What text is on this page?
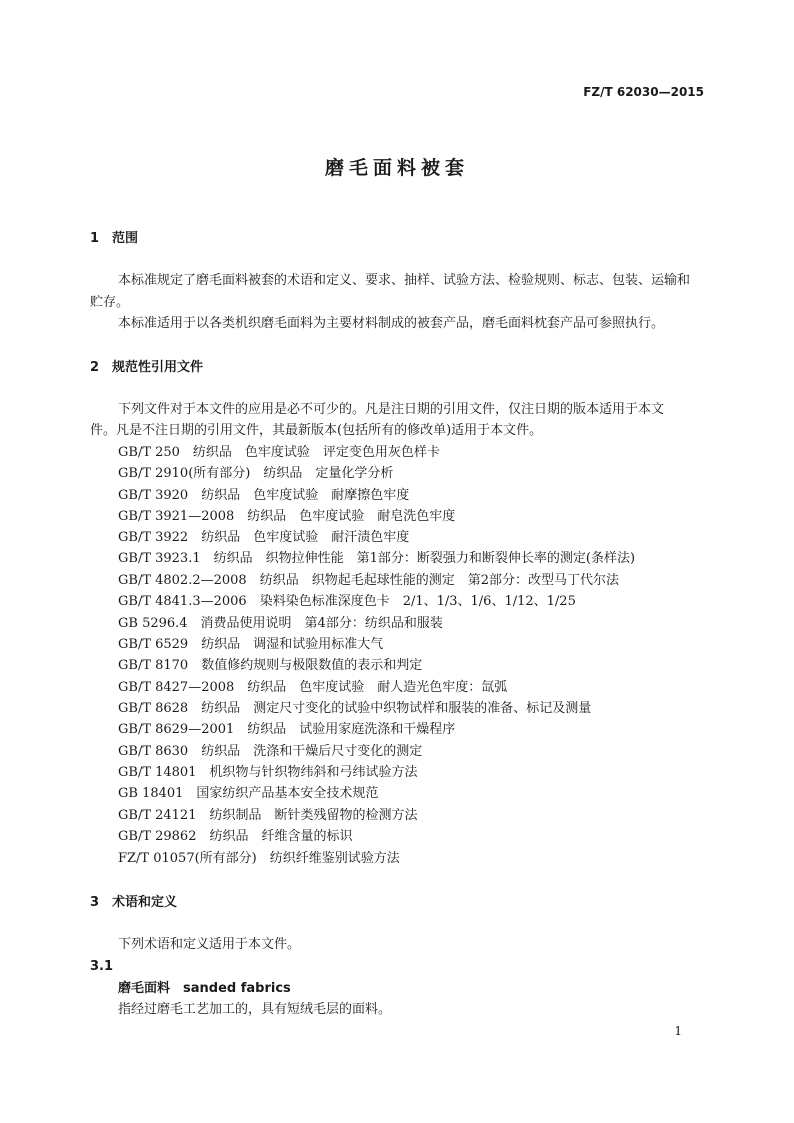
FZ/T 62030—2015

磨毛面料被套
1　范围

本标准规定了磨毛面料被套的术语和定义、要求、抽样、试验方法、检验规则、标志、包装、运输和

贮存。

本标准适用于以各类机织磨毛面料为主要材料制成的被套产品，磨毛面料枕套产品可参照执行。

2　规范性引用文件

下列文件对于本文件的应用是必不可少的。凡是注日期的引用文件，仅注日期的版本适用于本文

件。凡是不注日期的引用文件，其最新版本(包括所有的修改单)适用于本文件。

GB/T 250　纺织品　色牢度试验　评定变色用灰色样卡

GB/T 2910(所有部分)　纺织品　定量化学分析

GB/T 3920　纺织品　色牢度试验　耐摩擦色牢度

GB/T 3921—2008　纺织品　色牢度试验　耐皂洗色牢度

GB/T 3922　纺织品　色牢度试验　耐汗渍色牢度

GB/T 3923.1　纺织品　织物拉伸性能　第1部分：断裂强力和断裂伸长率的测定(条样法)

GB/T 4802.2—2008　纺织品　织物起毛起球性能的测定　第2部分：改型马丁代尔法

GB/T 4841.3—2006　染料染色标准深度色卡　2/1、1/3、1/6、1/12、1/25

GB 5296.4　消费品使用说明　第4部分：纺织品和服装

GB/T 6529　纺织品　调湿和试验用标准大气

GB/T 8170　数值修约规则与极限数值的表示和判定

GB/T 8427—2008　纺织品　色牢度试验　耐人造光色牢度：氙弧

GB/T 8628　纺织品　测定尺寸变化的试验中织物试样和服装的准备、标记及测量

GB/T 8629—2001　纺织品　试验用家庭洗涤和干燥程序

GB/T 8630　纺织品　洗涤和干燥后尺寸变化的测定

GB/T 14801　机织物与针织物纬斜和弓纬试验方法

GB 18401　国家纺织产品基本安全技术规范

GB/T 24121　纺织制品　断针类残留物的检测方法

GB/T 29862　纺织品　纤维含量的标识

FZ/T 01057(所有部分)　纺织纤维鉴别试验方法

3　术语和定义

下列术语和定义适用于本文件。

3.1

磨毛面料　sanded fabrics

指经过磨毛工艺加工的，具有短绒毛层的面料。

1
